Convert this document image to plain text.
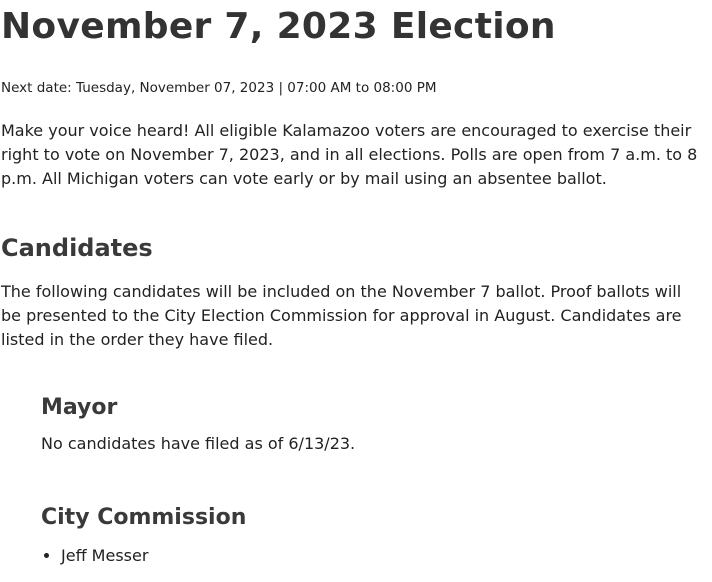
November 7, 2023 Election
Next date: Tuesday, November 07, 2023 | 07:00 AM to 08:00 PM

Make your voice heard! All eligible Kalamazoo voters are encouraged to exercise their right to vote on November 7, 2023, and in all elections. Polls are open from 7 a.m. to 8 p.m. All Michigan voters can vote early or by mail using an absentee ballot.

Candidates

The following candidates will be included on the November 7 ballot. Proof ballots will be presented to the City Election Commission for approval in August. Candidates are listed in the order they have filed.

Mayor

No candidates have filed as of 6/13/23.

City Commission
• Jeff Messer
